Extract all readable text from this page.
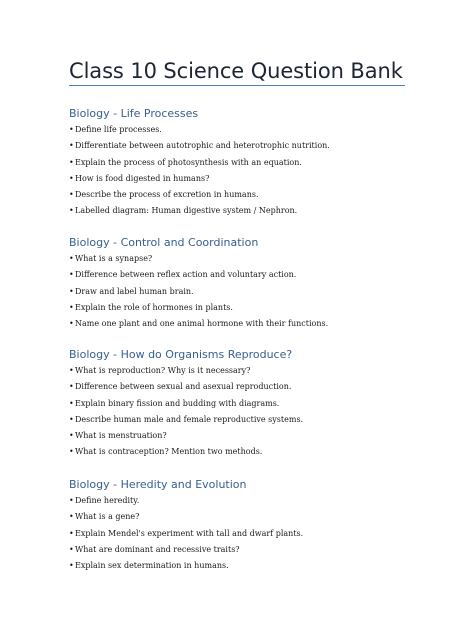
Class 10 Science Question Bank
Biology - Life Processes
•Define life processes.
•Differentiate between autotrophic and heterotrophic nutrition.
•Explain the process of photosynthesis with an equation.
•How is food digested in humans?
•Describe the process of excretion in humans.
•Labelled diagram: Human digestive system / Nephron.
Biology - Control and Coordination
•What is a synapse?
•Difference between reflex action and voluntary action.
•Draw and label human brain.
•Explain the role of hormones in plants.
•Name one plant and one animal hormone with their functions.
Biology - How do Organisms Reproduce?
•What is reproduction? Why is it necessary?
•Difference between sexual and asexual reproduction.
•Explain binary fission and budding with diagrams.
•Describe human male and female reproductive systems.
•What is menstruation?
•What is contraception? Mention two methods.
Biology - Heredity and Evolution
•Define heredity.
•What is a gene?
•Explain Mendel's experiment with tall and dwarf plants.
•What are dominant and recessive traits?
•Explain sex determination in humans.
